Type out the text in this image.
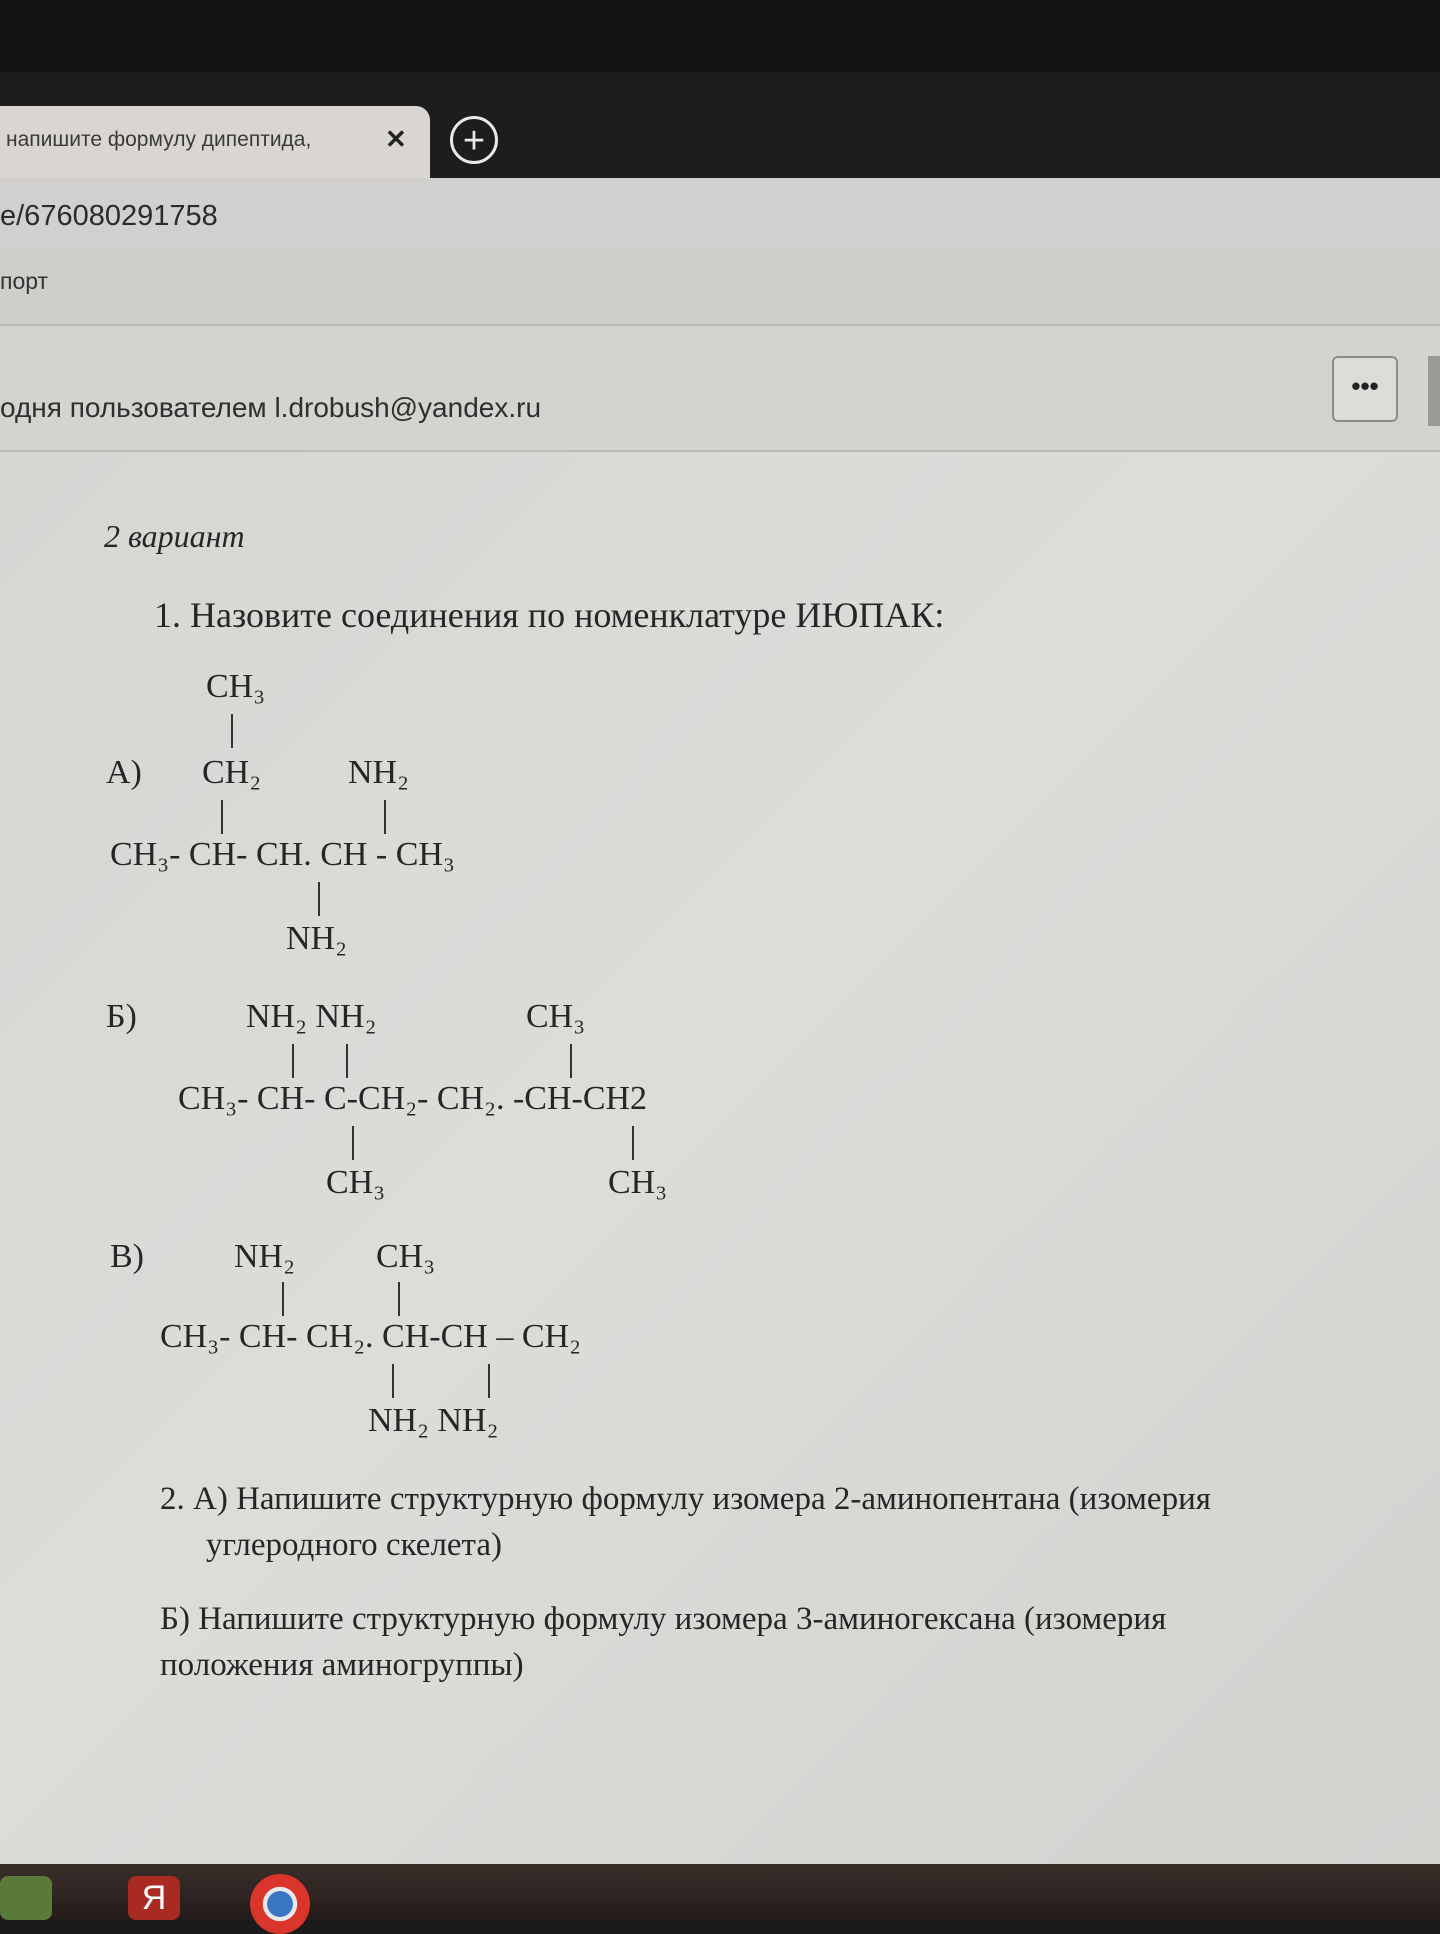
напишите формулу дипептида,	✕	+
e/676080291758
порт
одня пользователем l.drobush@yandex.ru
•••
2 вариант
1. Назовите соединения по номенклатуре ИЮПАК:
CH₃
А) CH₂	NH₂
CH₃- CH- CH. CH - CH₃
NH₂
Б)	NH₂ NH₂	CH₃
CH₃- CH- C-CH₂- CH₂. -CH-CH2
CH₃	CH₃
В)	NH₂ CH₃
CH₃- CH- CH₂. CH-CH – CH₂
NH₂ NH₂
2. А) Напишите структурную формулу изомера 2-аминопентана (изомерия
углеродного скелета)
Б) Напишите структурную формулу изомера 3-аминогексана (изомерия
положения аминогруппы)
Я
